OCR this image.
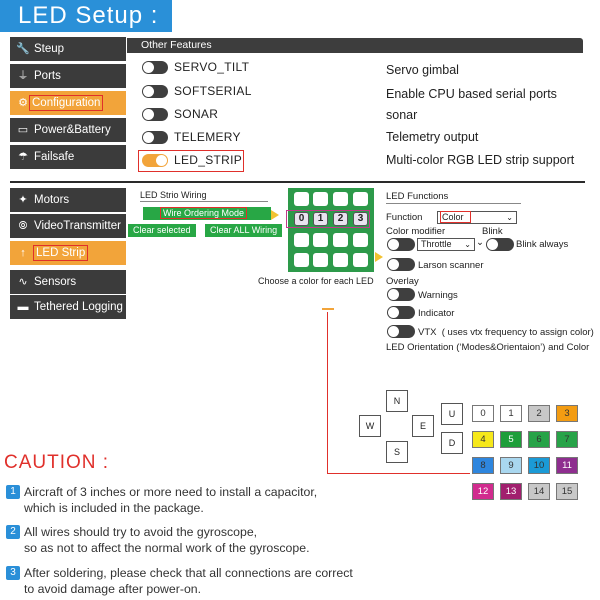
LED Setup :
🔧 Steup
⏚ Ports
⚙ Configuration
▭ Power&Battery
☂ Failsafe
✦ Motors
⦾ VideoTransmitter
↑ LED Strip
∿ Sensors
▬ Tethered Logging
Other Features
SERVO_TILT	Servo gimbal
SOFTSERIAL	Enable CPU based serial ports
SONAR	sonar
TELEMERY	Telemetry output
LED_STRIP	Multi-color RGB LED strip support
LED Strio Wiring
Wire Ordering Mode
Clear selected	Clear ALL Wiring
0	1	2	3
Choose a color for each LED
LED Functions
Function	Color	⌄
Color modifier	Blink
Throttle ⌄ ⌄	Blink always
Larson scanner
Overlay
Warnings
Indicator
VTX  ( uses vtx frequency to assign color)
LED Orientation (‘Modes&Orientaion’) and Color
N
W	E
S
U
D
CAUTION :
1 Aircraft of 3 inches or more need to install a capacitor,
which is included in the package.
2 All wires should try to avoid the gyroscope,
so as not to affect the normal work of the gyroscope.
3 After soldering, please check that all connections are correct
to avoid damage after power-on.
0	1	2	3
4	5	6	7
8	9	10	11
12	13	14	15
